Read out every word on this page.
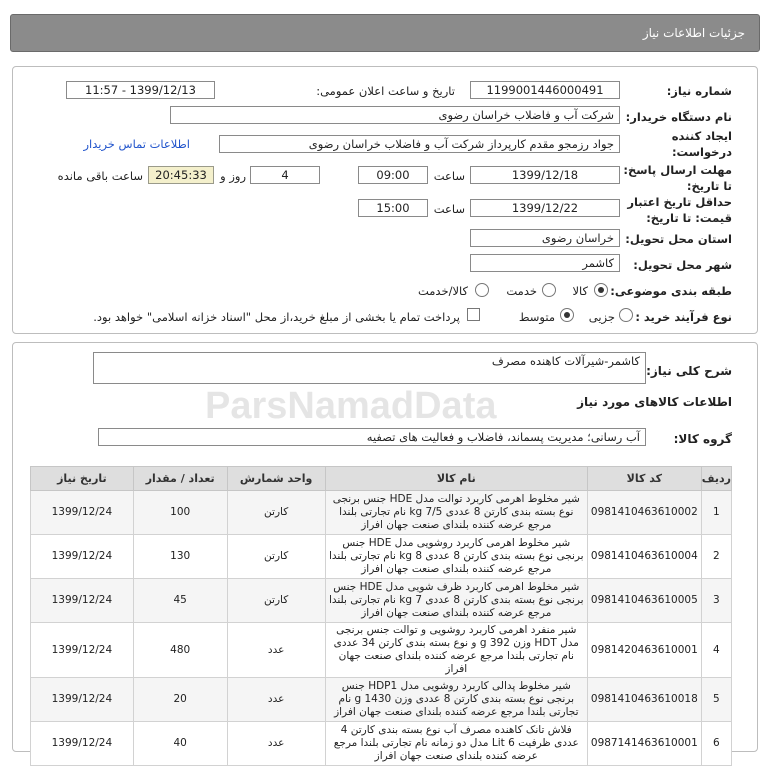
جزئیات اطلاعات نیاز
شماره نیاز:
1199001446000491
تاریخ و ساعت اعلان عمومی:
1399/12/13 - 11:57
نام دستگاه خریدار:
شرکت آب و فاضلاب خراسان رضوی
ایجاد کننده
درخواست:
جواد رزمجو مقدم کارپرداز شرکت آب و فاضلاب خراسان رضوی
اطلاعات تماس خریدار
مهلت ارسال پاسخ:
تا تاریخ:
1399/12/18
ساعت
09:00
4
روز و
20:45:33
ساعت باقی مانده
حداقل تاریخ اعتبار
قیمت: تا تاریخ:
1399/12/22
ساعت
15:00
استان محل تحویل:
خراسان رضوی
شهر محل تحویل:
کاشمر
طبقه بندی موضوعی:
کالا
خدمت
کالا/خدمت
نوع فرآیند خرید :
جزیی
متوسط
پرداخت تمام یا بخشی از مبلغ خرید،از محل "اسناد خزانه اسلامی" خواهد بود.
شرح کلی نیاز:
کاشمر-شیرآلات کاهنده مصرف
اطلاعات کالاهای مورد نیاز
گروه کالا:
آب رسانی؛ مدیریت پسماند، فاضلاب و فعالیت های تصفیه
ردیف	کد کالا	نام کالا	واحد شمارش	تعداد / مقدار	تاریخ نیاز
1	0981410463610002	شیر مخلوط اهرمی کاربرد توالت مدل HDE جنس برنجی نوع بسته بندی کارتن 8 عددی kg 7/5 نام تجارتی بلندا مرجع عرضه کننده بلندای صنعت جهان افراز	کارتن	100	1399/12/24
2	0981410463610004	شیر مخلوط اهرمی کاربرد روشویی مدل HDE جنس برنجی نوع بسته بندی کارتن 8 عددی kg 8 نام تجارتی بلندا مرجع عرضه کننده بلندای صنعت جهان افراز	کارتن	130	1399/12/24
3	0981410463610005	شیر مخلوط اهرمی کاربرد ظرف شویی مدل HDE جنس برنجی نوع بسته بندی کارتن 8 عددی kg 7 نام تجارتی بلندا مرجع عرضه کننده بلندای صنعت جهان افراز	کارتن	45	1399/12/24
4	0981420463610001	شیر منفرد اهرمی کاربرد روشویی و توالت جنس برنجی مدل HDT وزن g 392 و نوع بسته بندی کارتن 34 عددی نام تجارتی بلندا مرجع عرضه کننده بلندای صنعت جهان افراز	عدد	480	1399/12/24
5	0981410463610018	شیر مخلوط پدالی کاربرد روشویی مدل HDP1 جنس برنجی نوع بسته بندی کارتن 8 عددی وزن 1430 g نام تجارتی بلندا مرجع عرضه کننده بلندای صنعت جهان افراز	عدد	20	1399/12/24
6	0987141463610001	فلاش تانک کاهنده مصرف آب نوع بسته بندی کارتن 4 عددی ظرفیت Lit 6 مدل دو زمانه نام تجارتی بلندا مرجع عرضه کننده بلندای صنعت جهان افراز	عدد	40	1399/12/24
